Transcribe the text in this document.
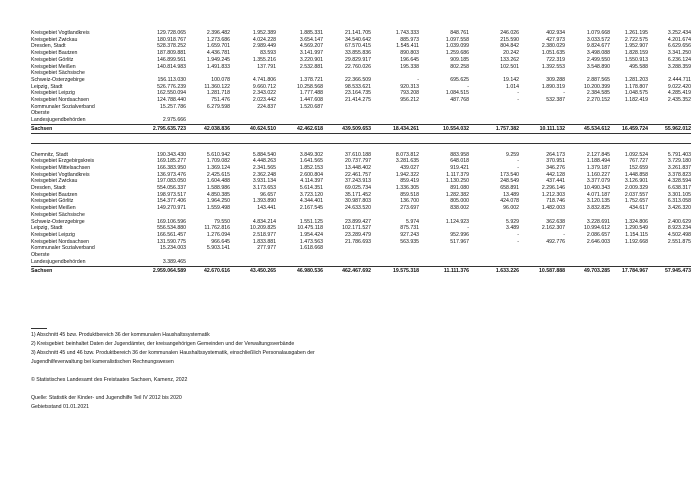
Kreisgebiet Vogtlandkreis	129.728.065	2.396.482	1.952.389	1.885.331	21.141.705	1.743.333	848.761	246.026	402.934	1.079.668	1.261.195	3.252.434	
Kreisgebiet Zwickau	180.918.767	1.273.686	4.024.228	3.654.147	34.540.642	885.973	1.097.558	215.590	427.973	3.033.572	2.722.575	4.201.674	
Dresden, Stadt	528.378.252	1.659.701	2.989.449	4.569.207	67.570.415	1.545.411	1.039.099	804.842	2.380.029	9.824.677	1.952.907	6.629.656	
Kreisgebiet Bautzen	187.809.881	4.436.781	83.593	3.141.997	33.855.836	890.803	1.259.686	20.242	1.051.635	3.498.088	1.828.159	3.341.250	
Kreisgebiet Görlitz	146.899.561	1.949.245	1.355.216	3.220.901	29.829.917	196.645	909.185	133.262	722.319	2.499.550	1.550.913	6.236.124	
Kreisgebiet Meißen	140.814.983	1.491.833	137.791	2.532.881	22.760.026	195.338	802.258	102.501	1.392.553	3.548.890	495.588	3.288.359	
Kreisgebiet Sächsische													
Schweiz-Osterzgebirge	156.113.030	100.078	4.741.806	1.378.721	22.366.509	-	695.625	19.142	309.288	2.887.565	1.281.203	2.444.711	
Leipzig, Stadt	526.776.239	11.360.122	9.660.712	10.258.568	98.533.621	920.313	-	1.014	1.890.319	10.200.399	1.178.807	9.022.420	
Kreisgebiet Leipzig	162.550.094	1.281.718	2.343.022	1.777.488	23.164.735	793.208	1.084.515	-	-	2.384.585	1.048.575	4.285.419	
Kreisgebiet Nordsachsen	124.788.440	751.476	2.023.442	1.447.608	21.414.275	956.212	487.768	-	532.387	2.270.152	1.182.419	2.435.352	
Kommunaler Sozialverband	15.257.786	6.279.598	224.837	1.520.687									
Oberste													
Landesjugendbehörden	2.975.666												
Sachsen	2.795.635.723	42.038.836	40.624.510	42.462.618	439.509.653	18.434.261	10.554.032	1.757.382	10.111.132	45.534.612	16.459.724	55.962.012	

Chemnitz, Stadt	190.343.430	5.610.942	5.884.540	3.849.302	37.610.188	8.073.812	883.958	9.259	264.173	2.127.845	1.092.524	5.791.403	
Kreisgebiet Erzgebirgskreis	169.185.277	1.709.082	4.448.263	1.641.565	20.737.797	3.281.635	648.018	-	370.951	1.188.494	767.727	3.729.180	
Kreisgebiet Mittelsachsen	166.383.950	1.369.124	2.341.565	1.852.153	13.448.402	439.027	919.421	-	346.276	1.379.187	152.659	3.261.837	
Kreisgebiet Vogtlandkreis	136.973.476	2.425.615	2.362.248	2.600.804	22.461.757	1.942.322	1.117.379	173.540	442.128	1.160.227	1.448.858	3.378.823	
Kreisgebiet Zwickau	197.083.050	1.604.488	3.931.134	4.114.397	37.243.913	859.419	1.130.250	248.549	437.441	3.377.079	3.126.901	4.328.594	
Dresden, Stadt	554.056.337	1.588.986	3.173.653	5.614.351	69.025.734	1.336.305	891.080	658.891	2.296.146	10.490.343	2.009.329	6.638.317	
Kreisgebiet Bautzen	198.973.517	4.850.385	96.657	3.723.120	35.171.452	859.518	1.282.382	13.489	1.212.303	4.071.187	2.037.557	3.301.105	
Kreisgebiet Görlitz	154.377.406	1.964.250	1.393.890	4.344.401	30.987.803	136.700	805.000	424.078	718.746	3.120.135	1.752.657	6.313.058	
Kreisgebiet Meißen	149.270.971	1.559.498	143.441	2.167.545	24.633.520	273.697	838.002	96.002	1.482.003	3.832.825	434.617	3.426.320	
Kreisgebiet Sächsische													
Schweiz-Osterzgebirge	169.106.596	79.550	4.834.214	1.551.125	23.899.427	5.974	1.124.923	5.929	362.638	3.228.691	1.324.806	2.400.629	
Leipzig, Stadt	556.534.880	11.762.816	10.209.825	10.475.118	102.171.527	875.731	-	3.489	2.162.307	10.994.612	1.290.549	8.923.234	
Kreisgebiet Leipzig	166.561.457	1.276.094	2.518.977	1.954.424	23.289.479	927.243	952.996	-	-	2.086.657	1.154.115	4.502.498	
Kreisgebiet Nordsachsen	131.590.775	966.645	1.833.881	1.473.563	21.786.693	563.935	517.967	-	492.776	2.646.003	1.192.668	2.551.875	
Kommunaler Sozialverband	15.234.003	5.903.141	277.977	1.618.668									
Oberste													
Landesjugendbehörden	3.389.465												
Sachsen	2.959.064.589	42.670.616	43.450.265	46.980.536	462.467.692	19.575.318	11.111.376	1.633.226	10.587.888	49.703.285	17.784.967	57.945.473	

1) Abschnitt 45 bzw. Produktbereich 36 der kommunalen Haushaltssystematik

2) Kreisgebiet: beinhaltet Daten der Jugendämter, der kreisangehörigen Gemeinden und der Verwaltungsverbände

3) Abschnitt 45 und 46 bzw. Produktbereich 36 der kommunalen Haushaltssystematik, einschließlich Personalausgaben der

Jugendhilfeverwaltung bei kameralistischen Rechnungswesen

© Statistisches Landesamt des Freistaates Sachsen, Kamenz, 2022

Quelle: Statistik der Kinder- und Jugendhilfe Teil IV 2012 bis 2020

Gebietsstand 01.01.2021
